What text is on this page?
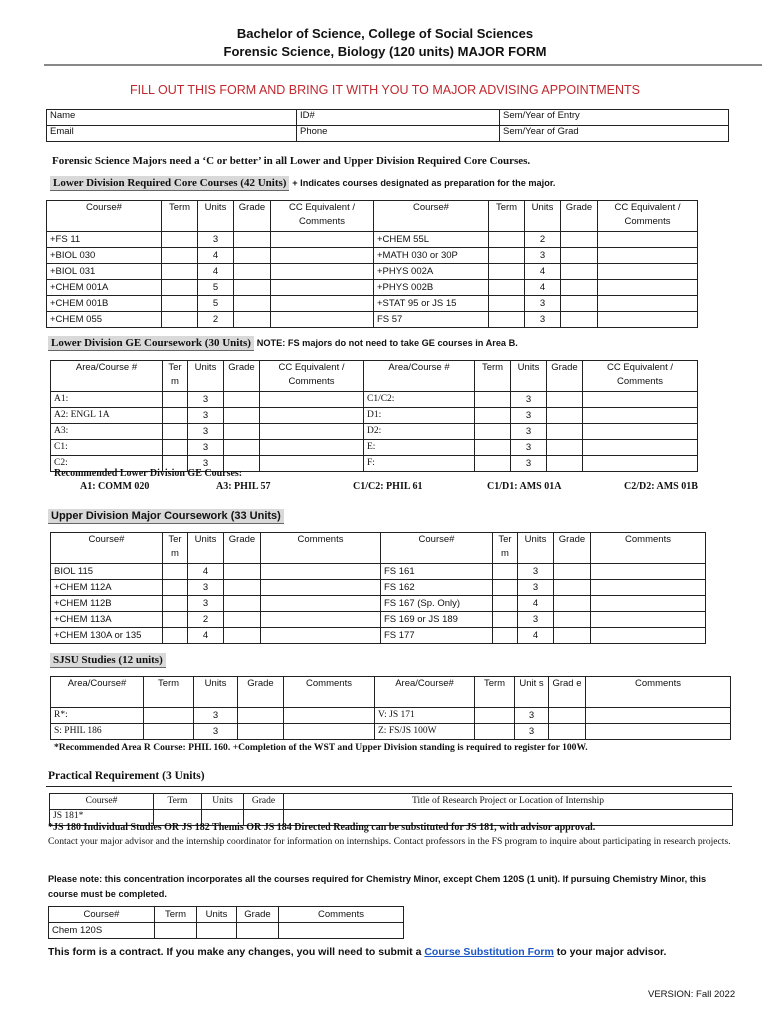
Bachelor of Science, College of Social Sciences
Forensic Science, Biology (120 units) MAJOR FORM
FILL OUT THIS FORM AND BRING IT WITH YOU TO MAJOR ADVISING APPOINTMENTS
Name	ID#	Sem/Year of Entry
Email	Phone	Sem/Year of Grad
Forensic Science Majors need a ‘C or better’ in all Lower and Upper Division Required Core Courses.
Lower Division Required Core Courses (42 Units) + Indicates courses designated as preparation for the major.
Course#	Term	Units	Grade	CC Equivalent / Comments	Course#	Term	Units	Grade	CC Equivalent / Comments
+FS 11		3			+CHEM 55L		2		
+BIOL 030		4			+MATH 030 or 30P		3		
+BIOL 031		4			+PHYS 002A		4		
+CHEM 001A		5			+PHYS 002B		4		
+CHEM 001B		5			+STAT 95 or JS 15		3		
+CHEM 055		2			FS 57		3		
Lower Division GE Coursework (30 Units) NOTE: FS majors do not need to take GE courses in Area B.
Area/Course #	Ter m	Units	Grade	CC Equivalent / Comments	Area/Course #	Term	Units	Grade	CC Equivalent / Comments
A1:		3			C1/C2:		3		
A2: ENGL 1A		3			D1:		3		
A3:		3			D2:		3		
C1:		3			E:		3		
C2:		3			F:		3		
Recommended Lower Division GE Courses:
A1: COMM 020	A3: PHIL 57	C1/C2: PHIL 61	C1/D1: AMS 01A	C2/D2: AMS 01B
Upper Division Major Coursework (33 Units)
Course#	Ter m	Units	Grade	Comments	Course#	Ter m	Units	Grade	Comments
BIOL 115		4			FS 161		3		
+CHEM 112A		3			FS 162		3		
+CHEM 112B		3			FS 167 (Sp. Only)		4		
+CHEM 113A		2			FS 169 or JS 189		3		
+CHEM 130A or 135		4			FS 177		4		
SJSU Studies (12 units)
Area/Course#	Term	Units	Grade	Comments	Area/Course#	Term	Unit s	Grad e	Comments
R*:		3			V: JS 171		3		
S: PHIL 186		3			Z: FS/JS 100W		3		
*Recommended Area R Course: PHIL 160. +Completion of the WST and Upper Division standing is required to register for 100W.
Practical Requirement (3 Units)
Course#	Term	Units	Grade	Title of Research Project or Location of Internship
JS 181*				
*JS 180 Individual Studies OR JS 182 Themis OR JS 184 Directed Reading can be substituted for JS 181, with advisor approval.
Contact your major advisor and the internship coordinator for information on internships. Contact professors in the FS program to inquire about participating in research projects.
Please note: this concentration incorporates all the courses required for Chemistry Minor, except Chem 120S (1 unit). If pursuing Chemistry Minor, this course must be completed.
Course#	Term	Units	Grade	Comments
Chem 120S				
This form is a contract. If you make any changes, you will need to submit a Course Substitution Form to your major advisor.
VERSION: Fall 2022
